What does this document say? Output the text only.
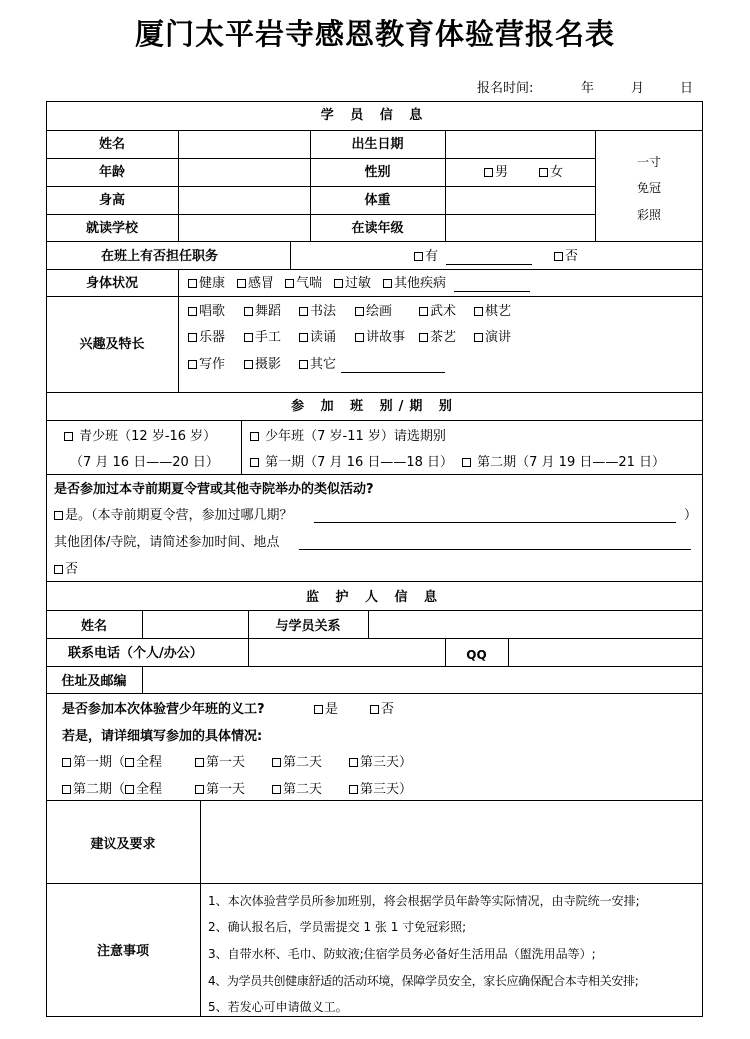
厦门太平岩寺感恩教育体验营报名表
报名时间:	年	月	日
学 员 信 息
姓名	出生日期
年龄	性别	男	女
身高	体重
就读学校	在读年级
一寸
免冠
彩照
在班上有否担任职务	有	否
身体状况	健康	感冒	气喘	过敏	其他疾病
兴趣及特长
唱歌	舞蹈	书法	绘画	武术	棋艺
乐器	手工	读诵	讲故事	茶艺	演讲
写作	摄影	其它
参 加 班 别/期 别
青少班（12 岁-16 岁）
（7 月 16 日——20 日）
少年班（7 岁-11 岁）请选期别
第一期（7 月 16 日——18 日）	第二期（7 月 19 日——21 日）
是否参加过本寺前期夏令营或其他寺院举办的类似活动?
是。（本寺前期夏令营，参加过哪几期？	）
其他团体/寺院，请简述参加时间、地点
否
监 护 人 信 息
姓名	与学员关系
联系电话（个人/办公）	QQ
住址及邮编
是否参加本次体验营少年班的义工?	是	否
若是，请详细填写参加的具体情况:
第一期（ 全程	第一天	第二天	第三天）
第二期（ 全程	第一天	第二天	第三天）
建议及要求
注意事项
1、本次体验营学员所参加班别，将会根据学员年龄等实际情况，由寺院统一安排;
2、确认报名后，学员需提交 1 张 1 寸免冠彩照;
3、自带水杯、毛巾、防蚊液;住宿学员务必备好生活用品（盥洗用品等）;
4、为学员共创健康舒适的活动环境，保障学员安全，家长应确保配合本寺相关安排;
5、若发心可申请做义工。
